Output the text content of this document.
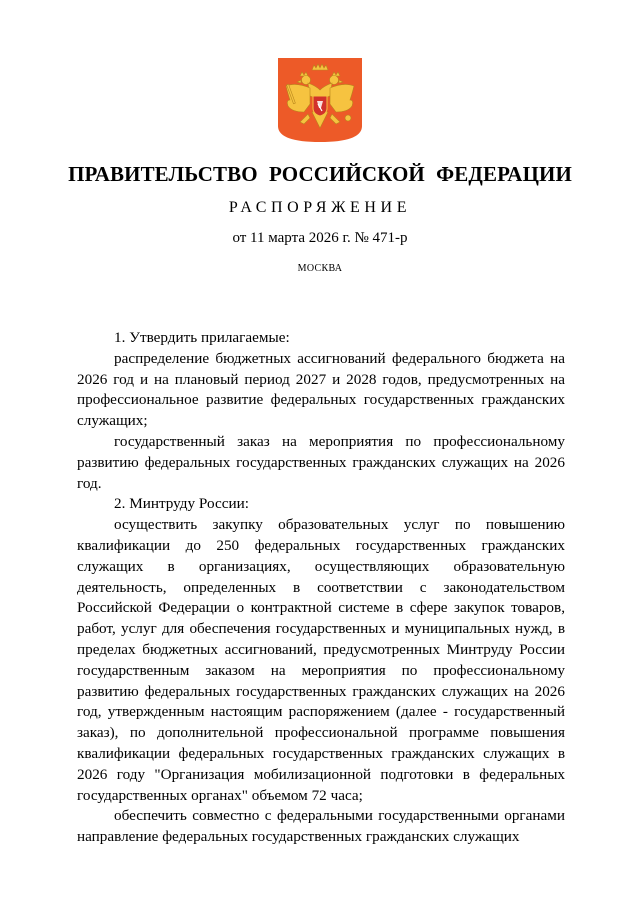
ПРАВИТЕЛЬСТВО РОССИЙСКОЙ ФЕДЕРАЦИИ
РАСПОРЯЖЕНИЕ
от 11 марта 2026 г. № 471-р
МОСКВА

1. Утвердить прилагаемые:

распределение бюджетных ассигнований федерального бюджета на 2026 год и на плановый период 2027 и 2028 годов, предусмотренных на профессиональное развитие федеральных государственных гражданских служащих;

государственный заказ на мероприятия по профессиональному развитию федеральных государственных гражданских служащих на 2026 год.

2. Минтруду России:

осуществить закупку образовательных услуг по повышению квалификации до 250 федеральных государственных гражданских служащих в организациях, осуществляющих образовательную деятельность, определенных в соответствии с законодательством Российской Федерации о контрактной системе в сфере закупок товаров, работ, услуг для обеспечения государственных и муниципальных нужд, в пределах бюджетных ассигнований, предусмотренных Минтруду России государственным заказом на мероприятия по профессиональному развитию федеральных государственных гражданских служащих на 2026 год, утвержденным настоящим распоряжением (далее - государственный заказ), по дополнительной профессиональной программе повышения квалификации федеральных государственных гражданских служащих в 2026 году "Организация мобилизационной подготовки в федеральных государственных органах" объемом 72 часа;

обеспечить совместно с федеральными государственными органами направление федеральных государственных гражданских служащих
